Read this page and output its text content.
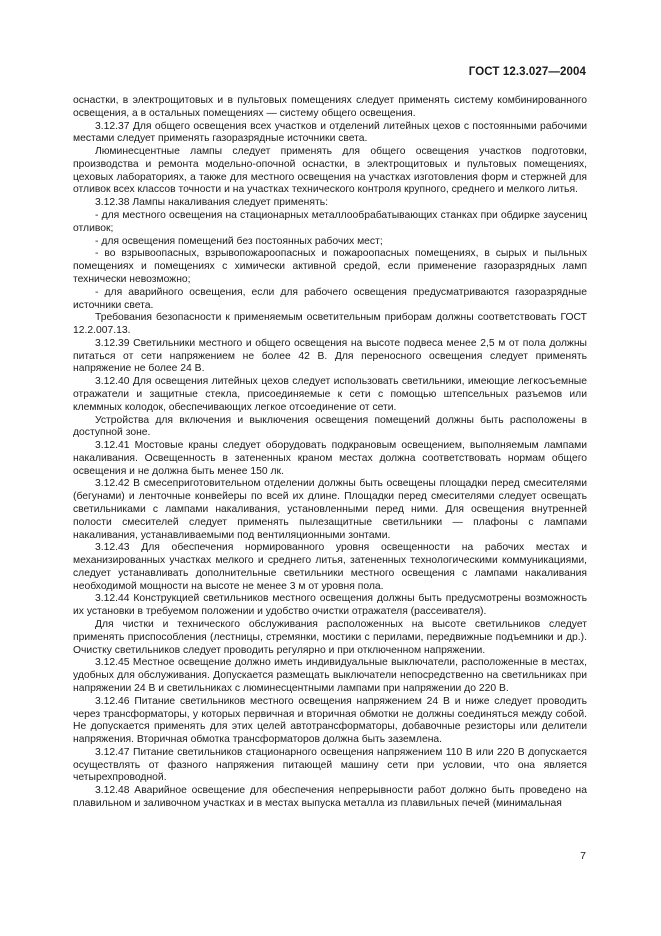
ГОСТ 12.3.027—2004

оснастки, в электрощитовых и в пультовых помещениях следует применять систему комбинированного освещения, а в остальных помещениях — систему общего освещения.

3.12.37 Для общего освещения всех участков и отделений литейных цехов с постоянными рабочими местами следует применять газоразрядные источники света.

Люминесцентные лампы следует применять для общего освещения участков подготовки, производства и ремонта модельно-опочной оснастки, в электрощитовых и пультовых помещениях, цеховых лабораториях, а также для местного освещения на участках изготовления форм и стержней для отливок всех классов точности и на участках технического контроля крупного, среднего и мелкого литья.

3.12.38 Лампы накаливания следует применять:

- для местного освещения на стационарных металлообрабатывающих станках при обдирке заусениц отливок;

- для освещения помещений без постоянных рабочих мест;

- во взрывоопасных, взрывопожароопасных и пожароопасных помещениях, в сырых и пыльных помещениях и помещениях с химически активной средой, если применение газоразрядных ламп технически невозможно;

- для аварийного освещения, если для рабочего освещения предусматриваются газоразрядные источники света.

Требования безопасности к применяемым осветительным приборам должны соответствовать ГОСТ 12.2.007.13.

3.12.39 Светильники местного и общего освещения на высоте подвеса менее 2,5 м от пола должны питаться от сети напряжением не более 42 В. Для переносного освещения следует применять напряжение не более 24 В.

3.12.40 Для освещения литейных цехов следует использовать светильники, имеющие легкосъемные отражатели и защитные стекла, присоединяемые к сети с помощью штепсельных разъемов или клеммных колодок, обеспечивающих легкое отсоединение от сети.

Устройства для включения и выключения освещения помещений должны быть расположены в доступной зоне.

3.12.41 Мостовые краны следует оборудовать подкрановым освещением, выполняемым лампами накаливания. Освещенность в затененных краном местах должна соответствовать нормам общего освещения и не должна быть менее 150 лк.

3.12.42 В смесеприготовительном отделении должны быть освещены площадки перед смесителями (бегунами) и ленточные конвейеры по всей их длине. Площадки перед смесителями следует освещать светильниками с лампами накаливания, установленными перед ними. Для освещения внутренней полости смесителей следует применять пылезащитные светильники — плафоны с лампами накаливания, устанавливаемыми под вентиляционными зонтами.

3.12.43 Для обеспечения нормированного уровня освещенности на рабочих местах и механизированных участках мелкого и среднего литья, затененных технологическими коммуникациями, следует устанавливать дополнительные светильники местного освещения с лампами накаливания необходимой мощности на высоте не менее 3 м от уровня пола.

3.12.44 Конструкцией светильников местного освещения должны быть предусмотрены возможность их установки в требуемом положении и удобство очистки отражателя (рассеивателя).

Для чистки и технического обслуживания расположенных на высоте светильников следует применять приспособления (лестницы, стремянки, мостики с перилами, передвижные подъемники и др.). Очистку светильников следует проводить регулярно и при отключенном напряжении.

3.12.45 Местное освещение должно иметь индивидуальные выключатели, расположенные в местах, удобных для обслуживания. Допускается размещать выключатели непосредственно на светильниках при напряжении 24 В и светильниках с люминесцентными лампами при напряжении до 220 В.

3.12.46 Питание светильников местного освещения напряжением 24 В и ниже следует проводить через трансформаторы, у которых первичная и вторичная обмотки не должны соединяться между собой. Не допускается применять для этих целей автотрансформаторы, добавочные резисторы или делители напряжения. Вторичная обмотка трансформаторов должна быть заземлена.

3.12.47 Питание светильников стационарного освещения напряжением 110 В или 220 В допускается осуществлять от фазного напряжения питающей машину сети при условии, что она является четырехпроводной.

3.12.48 Аварийное освещение для обеспечения непрерывности работ должно быть проведено на плавильном и заливочном участках и в местах выпуска металла из плавильных печей (минимальная

7
